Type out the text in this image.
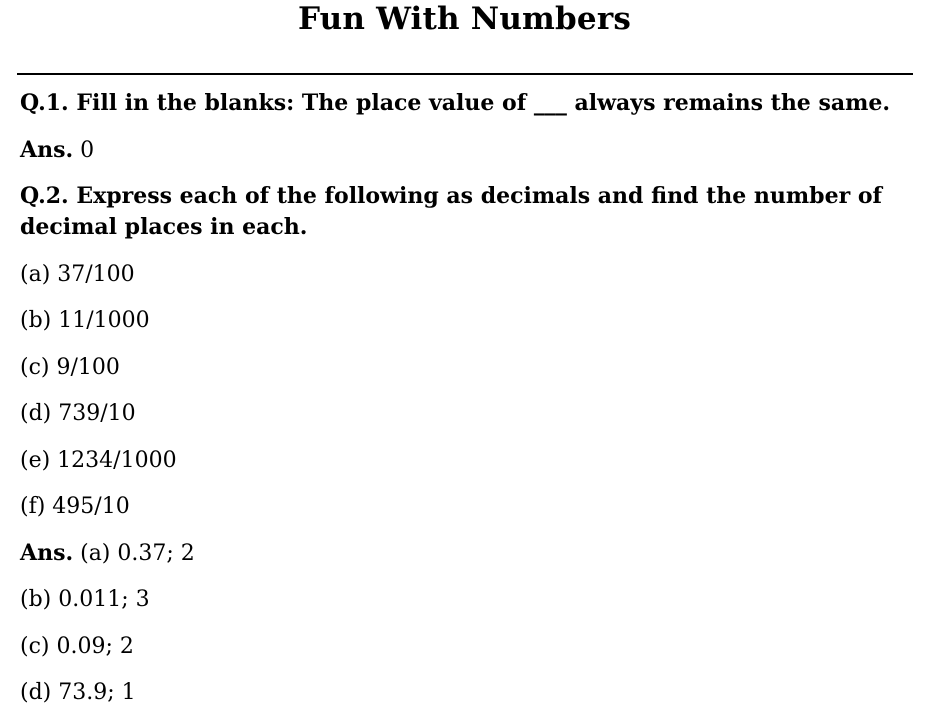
Fun With Numbers
Q.1. Fill in the blanks: The place value of ___ always remains the same.
Ans. 0
Q.2. Express each of the following as decimals and find the number of decimal places in each.
(a) 37/100
(b) 11/1000
(c) 9/100
(d) 739/10
(e) 1234/1000
(f) 495/10
Ans. (a) 0.37; 2
(b) 0.011; 3
(c) 0.09; 2
(d) 73.9; 1
